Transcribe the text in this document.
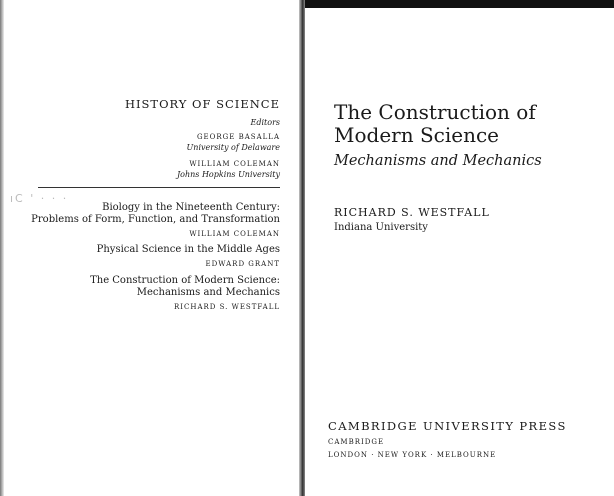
ıC ' · · ·
HISTORY OF SCIENCE
Editors
GEORGE BASALLA
University of Delaware
WILLIAM COLEMAN
Johns Hopkins University
Biology in the Nineteenth Century:
Problems of Form, Function, and Transformation
WILLIAM COLEMAN
Physical Science in the Middle Ages
EDWARD GRANT
The Construction of Modern Science:
Mechanisms and Mechanics
RICHARD S. WESTFALL
The Construction of
Modern Science
Mechanisms and Mechanics
RICHARD S. WESTFALL
Indiana University
CAMBRIDGE UNIVERSITY PRESS
CAMBRIDGE
LONDON · NEW YORK · MELBOURNE
